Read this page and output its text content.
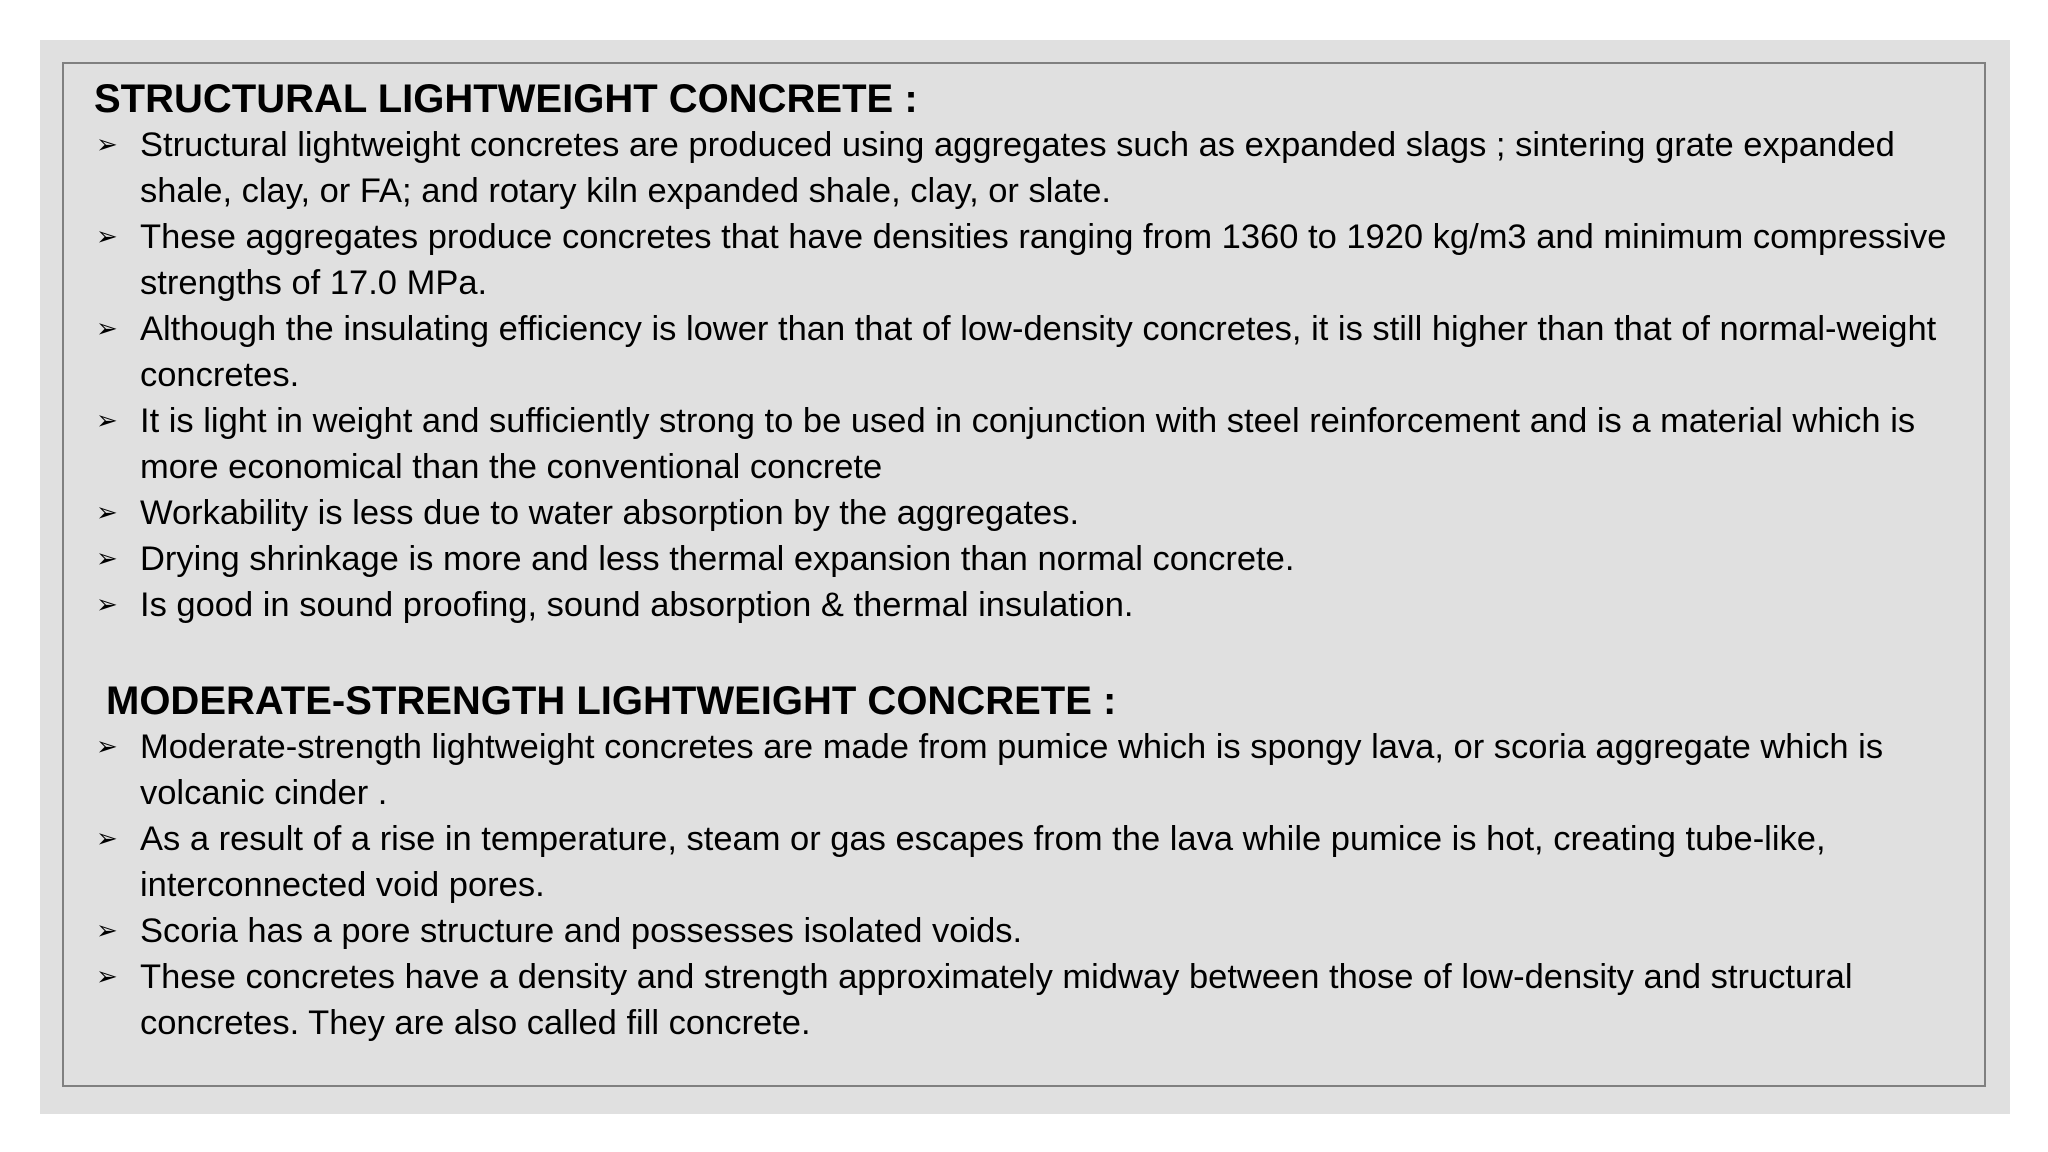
STRUCTURAL LIGHTWEIGHT CONCRETE :
➢ Structural lightweight concretes are produced using aggregates such as expanded slags ; sintering grate expanded shale, clay, or FA; and rotary kiln expanded shale, clay, or slate.
➢ These aggregates produce concretes that have densities ranging from 1360 to 1920 kg/m3 and minimum compressive strengths of 17.0 MPa.
➢ Although the insulating efficiency is lower than that of low-density concretes, it is still higher than that of normal-weight concretes.
➢ It is light in weight and sufficiently strong to be used in conjunction with steel reinforcement and is a material which is more economical than the conventional concrete
➢ Workability is less due to water absorption by the aggregates.
➢ Drying shrinkage is more and less thermal expansion than normal concrete.
➢ Is good in sound proofing, sound absorption & thermal insulation.
MODERATE-STRENGTH LIGHTWEIGHT CONCRETE :
➢ Moderate-strength lightweight concretes are made from pumice which is spongy lava, or scoria aggregate which is volcanic cinder .
➢ As a result of a rise in temperature, steam or gas escapes from the lava while pumice is hot, creating tube-like, interconnected void pores.
➢ Scoria has a pore structure and possesses isolated voids.
➢ These concretes have a density and strength approximately midway between those of low-density and structural concretes. They are also called fill concrete.
